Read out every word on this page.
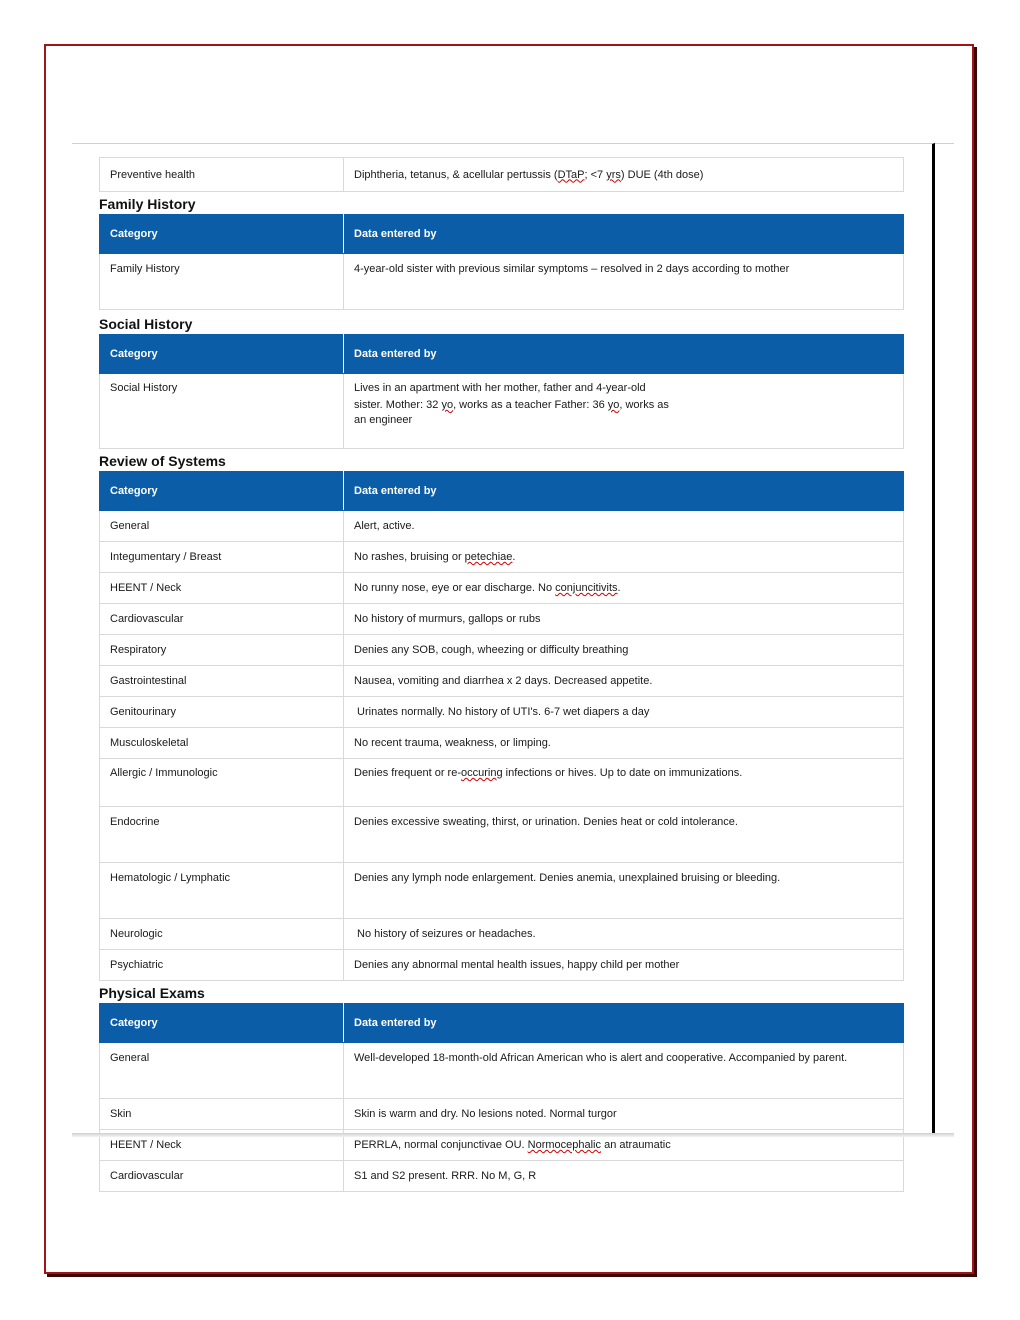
Preventive health	Diphtheria, tetanus, & acellular pertussis (DTaP; <7 yrs) DUE (4th dose)
Family History
Category	Data entered by
Family History	4-year-old sister with previous similar symptoms – resolved in 2 days according to mother
Social History
Category	Data entered by
Social History	Lives in an apartment with her mother, father and 4-year-old
sister. Mother: 32 yo, works as a teacher Father: 36 yo, works as
an engineer
Review of Systems
Category	Data entered by
General	Alert, active.
Integumentary / Breast	No rashes, bruising or petechiae.
HEENT / Neck	No runny nose, eye or ear discharge. No conjuncitivits.
Cardiovascular	No history of murmurs, gallops or rubs
Respiratory	Denies any SOB, cough, wheezing or difficulty breathing
Gastrointestinal	Nausea, vomiting and diarrhea x 2 days. Decreased appetite.
Genitourinary	Urinates normally. No history of UTI's. 6-7 wet diapers a day
Musculoskeletal	No recent trauma, weakness, or limping.
Allergic / Immunologic	Denies frequent or re-occuring infections or hives. Up to date on immunizations.
Endocrine	Denies excessive sweating, thirst, or urination. Denies heat or cold intolerance.
Hematologic / Lymphatic	Denies any lymph node enlargement. Denies anemia, unexplained bruising or bleeding.
Neurologic	No history of seizures or headaches.
Psychiatric	Denies any abnormal mental health issues, happy child per mother
Physical Exams
Category	Data entered by
General	Well-developed 18-month-old African American who is alert and cooperative. Accompanied by parent.
Skin	Skin is warm and dry. No lesions noted. Normal turgor
HEENT / Neck	PERRLA, normal conjunctivae OU. Normocephalic an atraumatic
Cardiovascular	S1 and S2 present. RRR. No M, G, R
